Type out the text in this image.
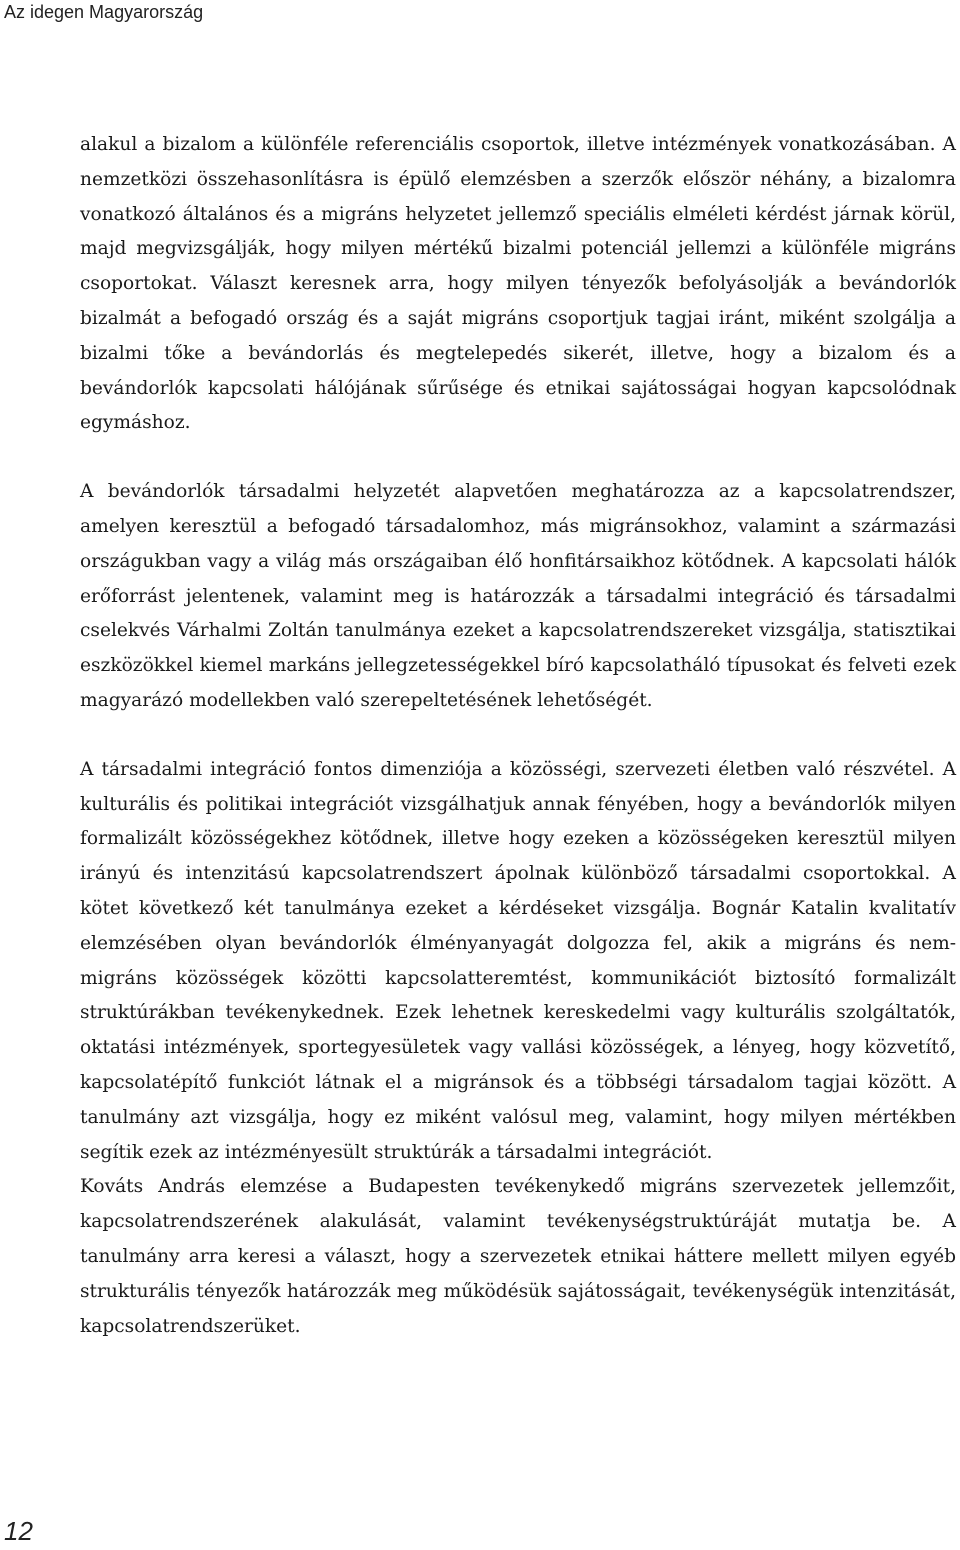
Az idegen Magyarország

alakul a bizalom a különféle referenciális csoportok, illetve intézmények vonatkozásában. A nemzetközi összehasonlításra is épülő elemzésben a szerzők először néhány, a bizalomra vonatkozó általános és a migráns helyzetet jellemző speciális elméleti kérdést járnak körül, majd megvizsgálják, hogy milyen mértékű bizalmi potenciál jellemzi a különféle migráns csoportokat. Választ keresnek arra, hogy milyen tényezők befolyásolják a bevándorlók bizalmát a befogadó ország és a saját migráns csoportjuk tagjai iránt, miként szolgálja a bizalmi tőke a bevándorlás és megtelepedés sikerét, illetve, hogy a bizalom és a bevándorlók kapcsolati hálójának sűrűsége és etnikai sajátosságai hogyan kapcsolódnak egymáshoz.

A bevándorlók társadalmi helyzetét alapvetően meghatározza az a kapcsolatrendszer, amelyen keresztül a befogadó társadalomhoz, más migránsokhoz, valamint a származási országukban vagy a világ más országaiban élő honfitársaikhoz kötődnek. A kapcsolati hálók erőforrást jelentenek, valamint meg is határozzák a társadalmi integráció és társadalmi cselekvés Várhalmi Zoltán tanulmánya ezeket a kapcsolatrendszereket vizsgálja, statisztikai eszközökkel kiemel markáns jellegzetességekkel bíró kapcsolatháló típusokat és felveti ezek magyarázó modellekben való szerepeltetésének lehetőségét.

A társadalmi integráció fontos dimenziója a közösségi, szervezeti életben való részvétel. A kulturális és politikai integrációt vizsgálhatjuk annak fényében, hogy a bevándorlók milyen formalizált közösségekhez kötődnek, illetve hogy ezeken a közösségeken keresztül milyen irányú és intenzitású kapcsolatrendszert ápolnak különböző társadalmi csoportokkal. A kötet következő két tanulmánya ezeket a kérdéseket vizsgálja. Bognár Katalin kvalitatív elemzésében olyan bevándorlók élményanyagát dolgozza fel, akik a migráns és nem-migráns közösségek közötti kapcsolatteremtést, kommunikációt biztosító formalizált struktúrákban tevékenykednek. Ezek lehetnek kereskedelmi vagy kulturális szolgáltatók, oktatási intézmények, sportegyesületek vagy vallási közösségek, a lényeg, hogy közvetítő, kapcsolatépítő funkciót látnak el a migránsok és a többségi társadalom tagjai között. A tanulmány azt vizsgálja, hogy ez miként valósul meg, valamint, hogy milyen mértékben segítik ezek az intézményesült struktúrák a társadalmi integrációt.

Kováts András elemzése a Budapesten tevékenykedő migráns szervezetek jellemzőit, kapcsolatrendszerének alakulását, valamint tevékenységstruktúráját mutatja be. A tanulmány arra keresi a választ, hogy a szervezetek etnikai háttere mellett milyen egyéb strukturális tényezők határozzák meg működésük sajátosságait, tevékenységük intenzitását, kapcsolatrendszerüket.

12
